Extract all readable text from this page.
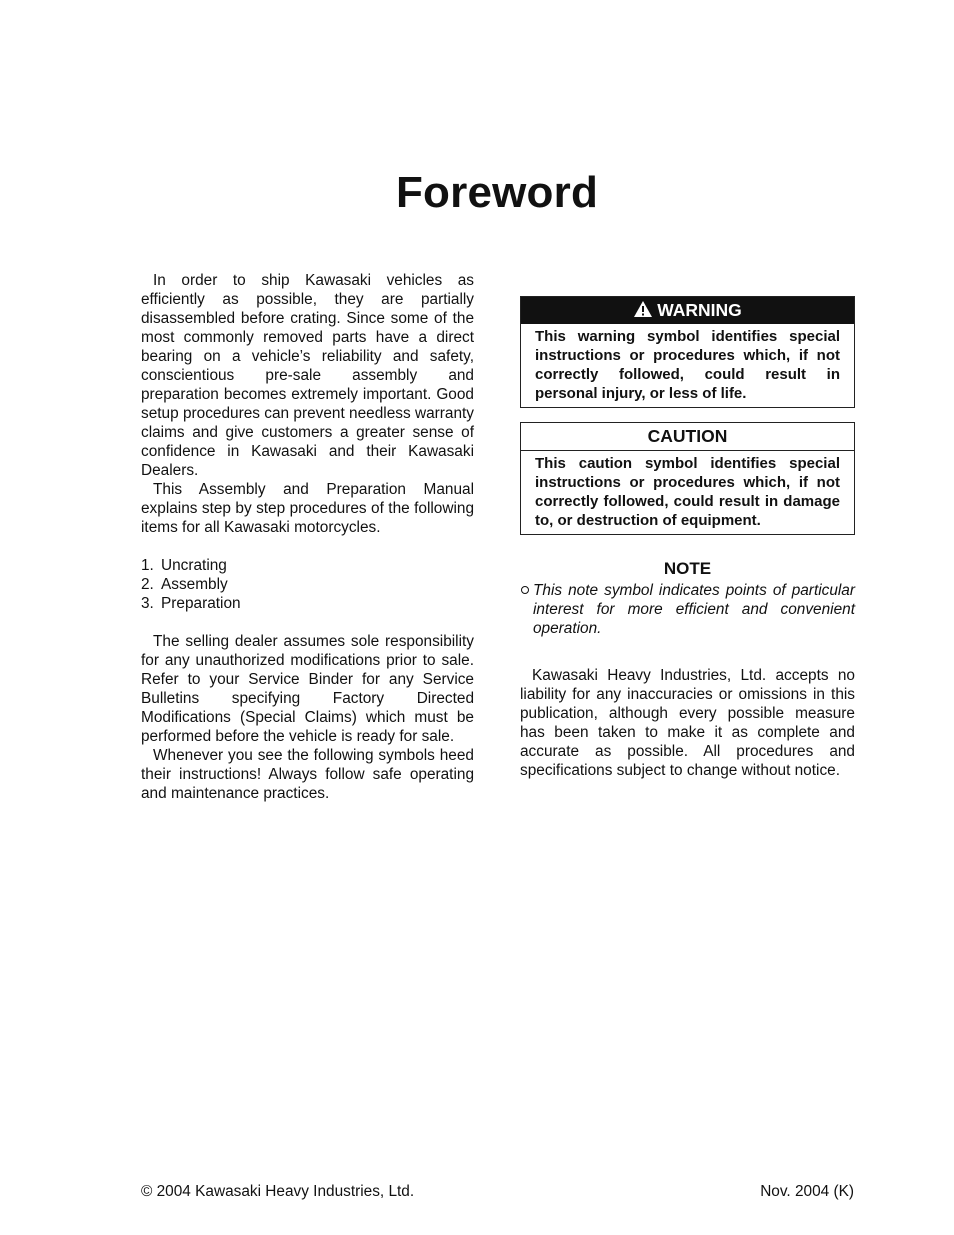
Foreword

In order to ship Kawasaki vehicles as efficiently as possible, they are partially disassembled before crating. Since some of the most commonly removed parts have a direct bearing on a vehicle’s reliability and safety, conscientious pre-sale assembly and preparation becomes extremely important. Good setup procedures can prevent needless warranty claims and give customers a greater sense of confidence in Kawasaki and their Kawasaki Dealers.

This Assembly and Preparation Manual explains step by step procedures of the following items for all Kawasaki motorcycles.

1. Uncrating
2. Assembly
3. Preparation

The selling dealer assumes sole responsibility for any unauthorized modifications prior to sale. Refer to your Service Binder for any Service Bulletins specifying Factory Directed Modifications (Special Claims) which must be performed before the vehicle is ready for sale.

Whenever you see the following symbols heed their instructions! Always follow safe operating and maintenance practices.

WARNING
This warning symbol identifies special instructions or procedures which, if not correctly followed, could result in personal injury, or less of life.
CAUTION
This caution symbol identifies special instructions or procedures which, if not correctly followed, could result in damage to, or destruction of equipment.
NOTE
This note symbol indicates points of particular interest for more efficient and convenient operation.

Kawasaki Heavy Industries, Ltd. accepts no liability for any inaccuracies or omissions in this publication, although every possible measure has been taken to make it as complete and accurate as possible. All procedures and specifications subject to change without notice.

© 2004 Kawasaki Heavy Industries, Ltd.	Nov. 2004 (K)
